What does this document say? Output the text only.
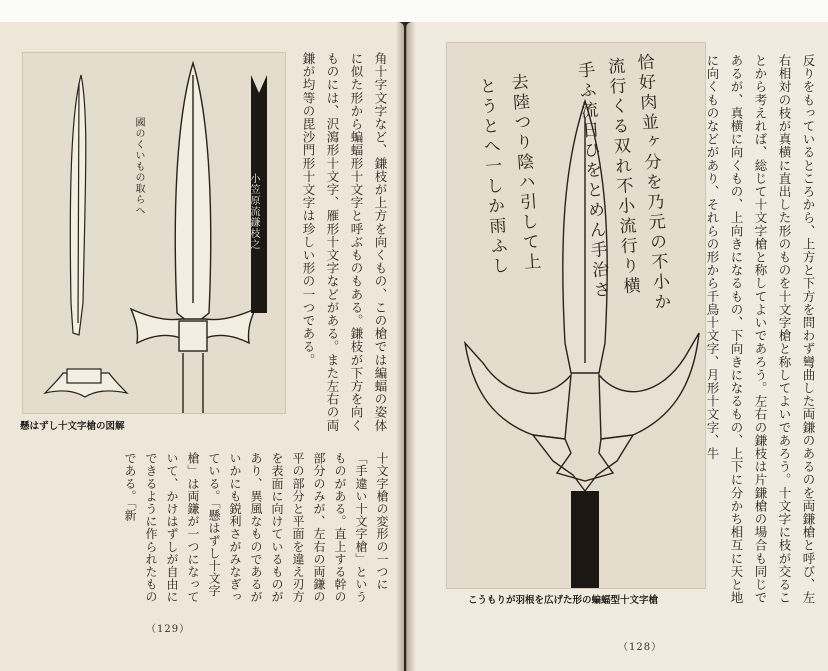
國のくいもの取らへ	小笠原流鎌枝之
懸はずし十文字槍の図解	角十字文字など、鎌枝が上方を向くもの、この槍では編蝠の姿体に似た形から蝙蝠形十文字と呼ぶものもある。鎌枝が下方を向くものには、沢瀉形十文字、雁形十文字などがある。また左右の両鎌が均等の毘沙門形十文字は珍しい形の一つである。
十文字槍の変形の一つに「手違い十文字槍」というものがある。直上する幹の部分のみが、左右の両鎌の平の部分と平面を違え刃方を表面に向けているものがあり、異風なものであるがいかにも鋭利さがみなぎっている。「懸はずし十文字槍」は両鎌が一つになっていて、かけはずしが自由にできるように作られたものである。「新
（129）
恰好肉並ヶ分を乃元の不小か
流行くる双れ不小流行り横
手ふ流日ひをとめん手治さ
去陸つり陰ハ引して上
とうとへ一しか雨ふし
こうもりが羽根を広げた形の蝙蝠型十文字槍
こうもり	反りをもっているところから、上方と下方を問わず彎曲した両鎌のあるのを両鎌槍と呼び、左右相対の枝が真横に直出した形のものを十文字槍と称してよいであろう。十文字に枝が交ることから考えれば、総じて十文字槍と称してよいであろう。左右の鎌枝は片鎌槍の場合も同じであるが、真横に向くもの、上向きになるもの、下向きになるもの、上下に分かち相互に天と地に向くものなどがあり、それらの形から千鳥十文字、月形十文字、牛
（128）
